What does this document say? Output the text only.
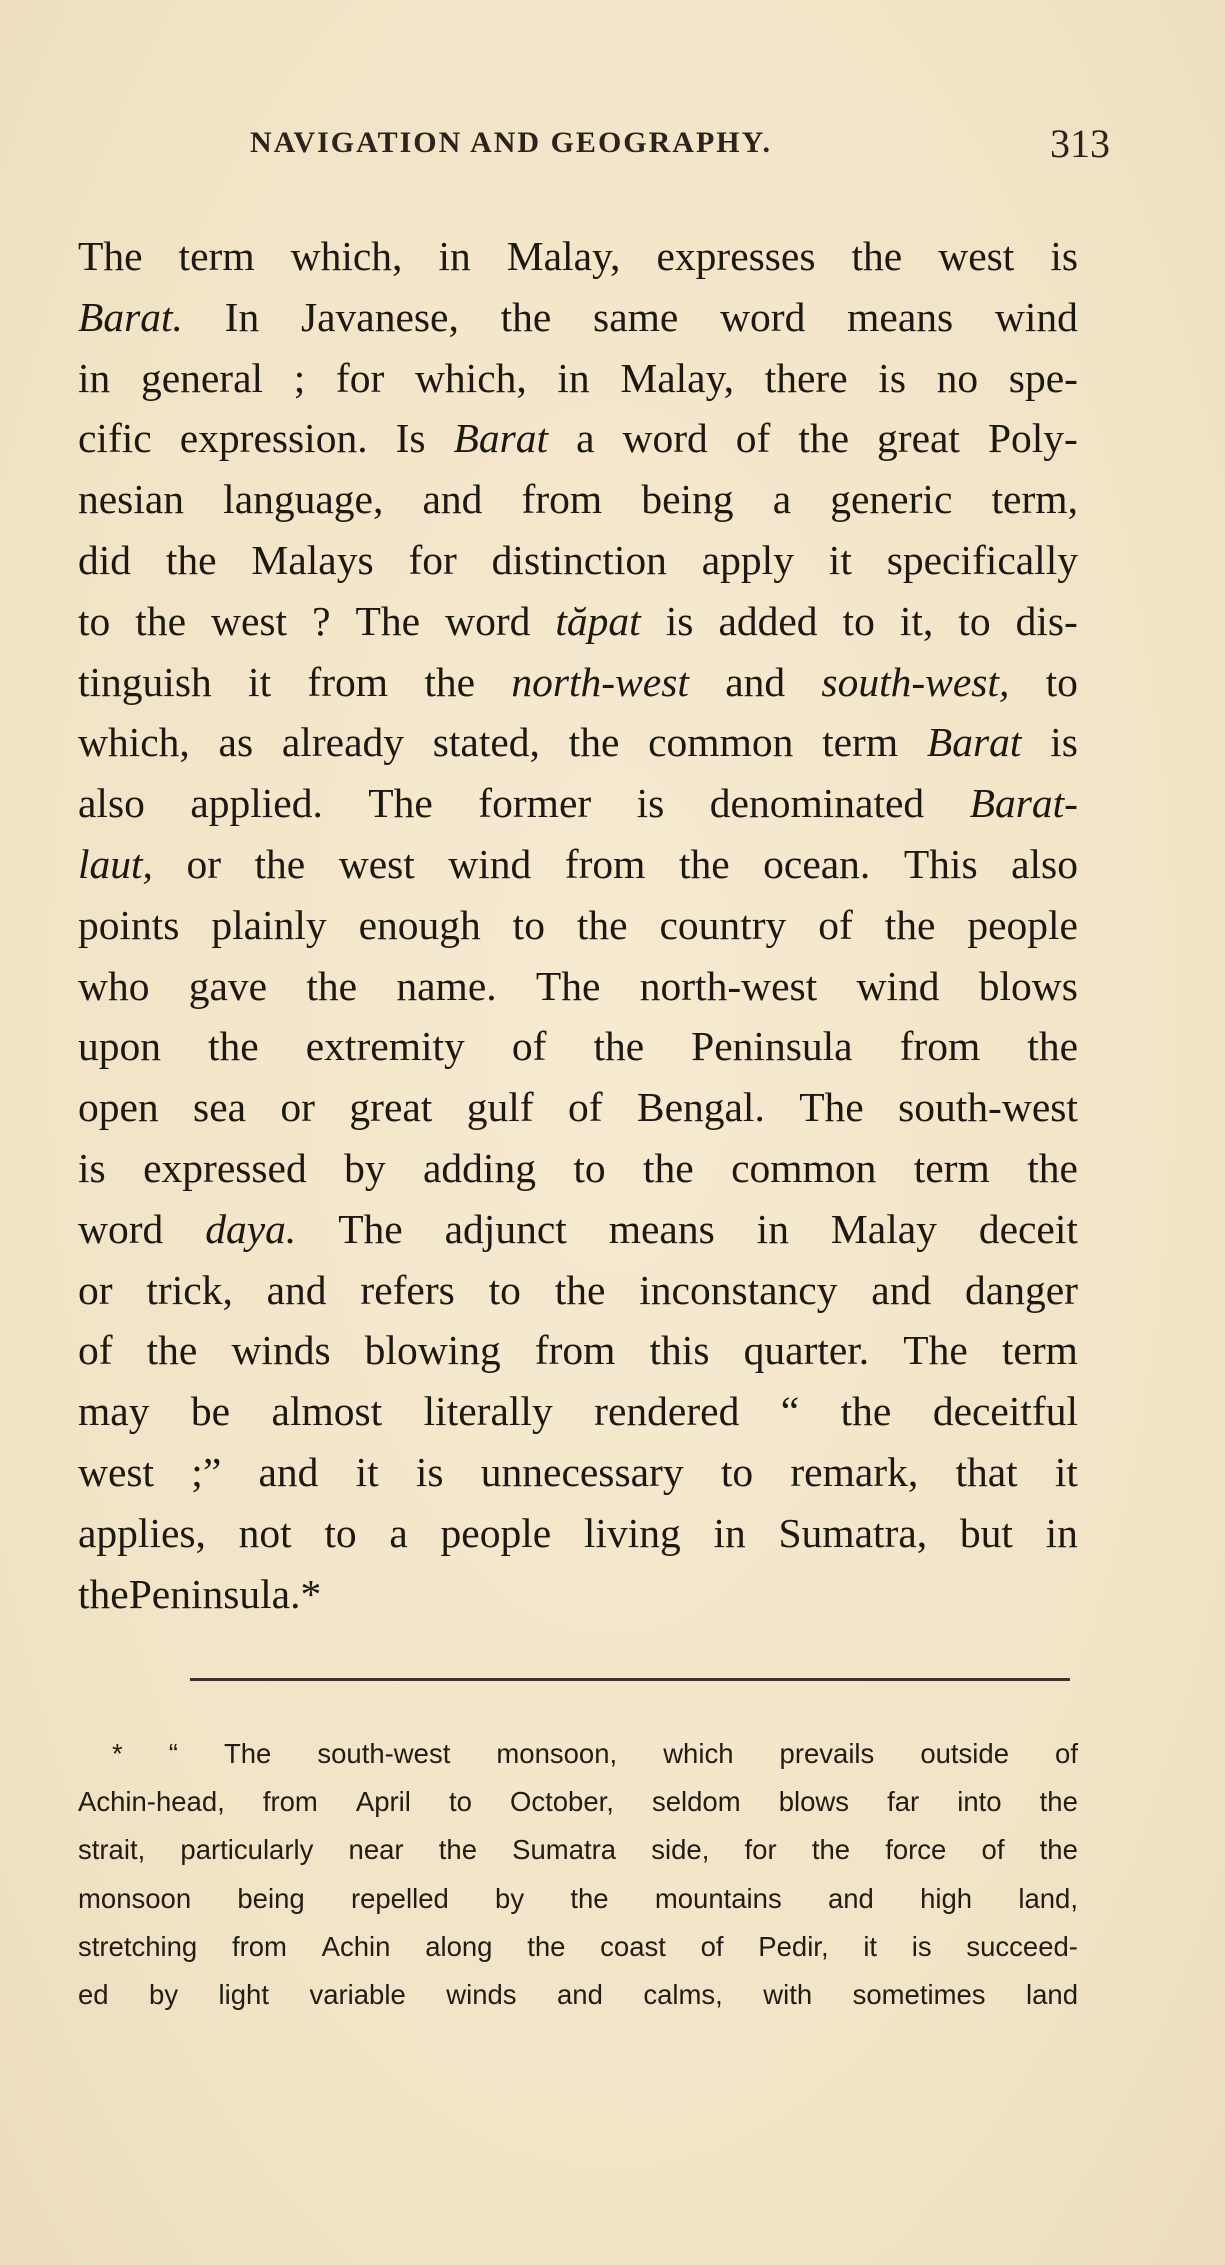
NAVIGATION AND GEOGRAPHY.	313
The term which, in Malay, expresses the west is
Barat. In Javanese, the same word means wind
in general ; for which, in Malay, there is no spe-
cific expression. Is Barat a word of the great Poly-
nesian language, and from being a generic term,
did the Malays for distinction apply it specifically
to the west ? The word tăpat is added to it, to dis-
tinguish it from the north-west and south-west, to
which, as already stated, the common term Barat is
also applied. The former is denominated Barat-
laut, or the west wind from the ocean. This also
points plainly enough to the country of the people
who gave the name. The north-west wind blows
upon the extremity of the Peninsula from the
open sea or great gulf of Bengal. The south-west
is expressed by adding to the common term the
word daya. The adjunct means in Malay deceit
or trick, and refers to the inconstancy and danger
of the winds blowing from this quarter. The term
may be almost literally rendered “ the deceitful
west ;” and it is unnecessary to remark, that it
applies, not to a people living in Sumatra, but in
the Peninsula. *
* “ The south-west monsoon, which prevails outside of
Achin-head, from April to October, seldom blows far into the
strait, particularly near the Sumatra side, for the force of the
monsoon being repelled by the mountains and high land,
stretching from Achin along the coast of Pedir, it is succeed-
ed by light variable winds and calms, with sometimes land
